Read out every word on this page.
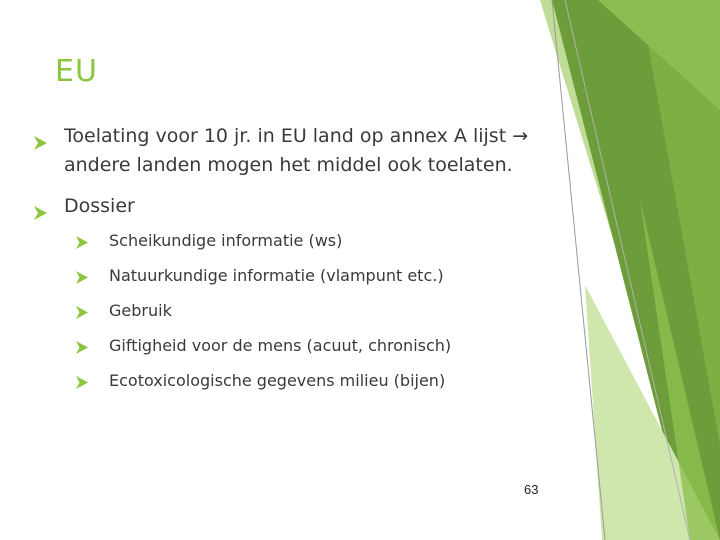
EU
Toelating voor 10 jr. in EU land op annex A lijst →
andere landen mogen het middel ook toelaten.
Dossier
Scheikundige informatie (ws)
Natuurkundige informatie (vlampunt etc.)
Gebruik
Giftigheid voor de mens (acuut, chronisch)
Ecotoxicologische gegevens milieu (bijen)
63
